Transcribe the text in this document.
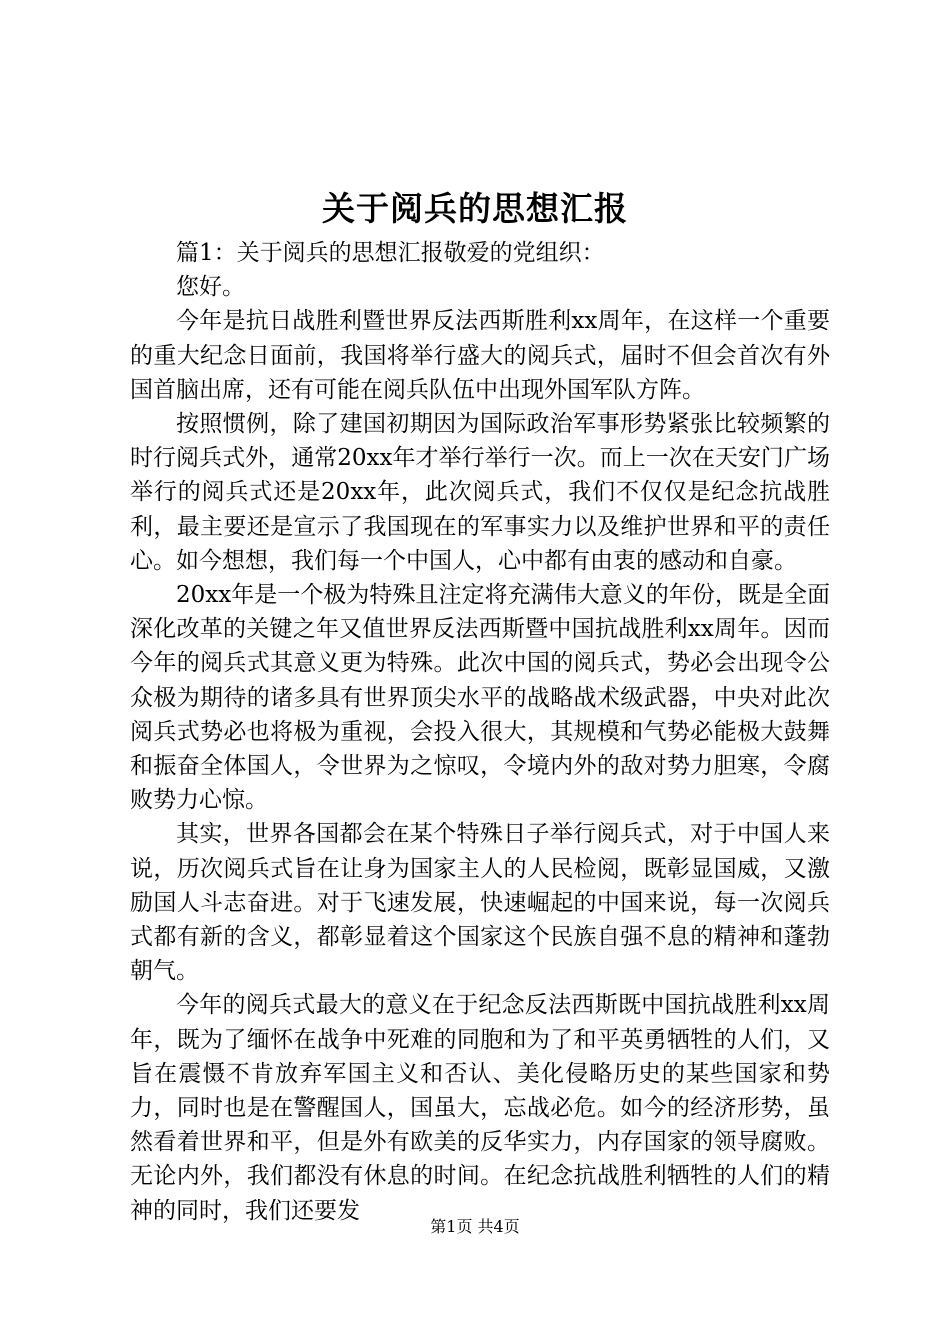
关于阅兵的思想汇报

篇1：关于阅兵的思想汇报敬爱的党组织：

您好。

今年是抗日战胜利暨世界反法西斯胜利xx周年，在这样一个重要的重大纪念日面前，我国将举行盛大的阅兵式，届时不但会首次有外国首脑出席，还有可能在阅兵队伍中出现外国军队方阵。

按照惯例，除了建国初期因为国际政治军事形势紧张比较频繁的时行阅兵式外，通常20xx年才举行举行一次。而上一次在天安门广场举行的阅兵式还是20xx年，此次阅兵式，我们不仅仅是纪念抗战胜利，最主要还是宣示了我国现在的军事实力以及维护世界和平的责任心。如今想想，我们每一个中国人，心中都有由衷的感动和自豪。

20xx年是一个极为特殊且注定将充满伟大意义的年份，既是全面深化改革的关键之年又值世界反法西斯暨中国抗战胜利xx周年。因而今年的阅兵式其意义更为特殊。此次中国的阅兵式，势必会出现令公众极为期待的诸多具有世界顶尖水平的战略战术级武器，中央对此次阅兵式势必也将极为重视，会投入很大，其规模和气势必能极大鼓舞和振奋全体国人，令世界为之惊叹，令境内外的敌对势力胆寒，令腐败势力心惊。

其实，世界各国都会在某个特殊日子举行阅兵式，对于中国人来说，历次阅兵式旨在让身为国家主人的人民检阅，既彰显国威，又激励国人斗志奋进。对于飞速发展，快速崛起的中国来说，每一次阅兵式都有新的含义，都彰显着这个国家这个民族自强不息的精神和蓬勃朝气。

今年的阅兵式最大的意义在于纪念反法西斯既中国抗战胜利xx周年，既为了缅怀在战争中死难的同胞和为了和平英勇牺牲的人们，又旨在震慑不肯放弃军国主义和否认、美化侵略历史的某些国家和势力，同时也是在警醒国人，国虽大，忘战必危。如今的经济形势，虽然看着世界和平，但是外有欧美的反华实力，内存国家的领导腐败。无论内外，我们都没有休息的时间。在纪念抗战胜利牺牲的人们的精神的同时，我们还要发

第1页 共4页
